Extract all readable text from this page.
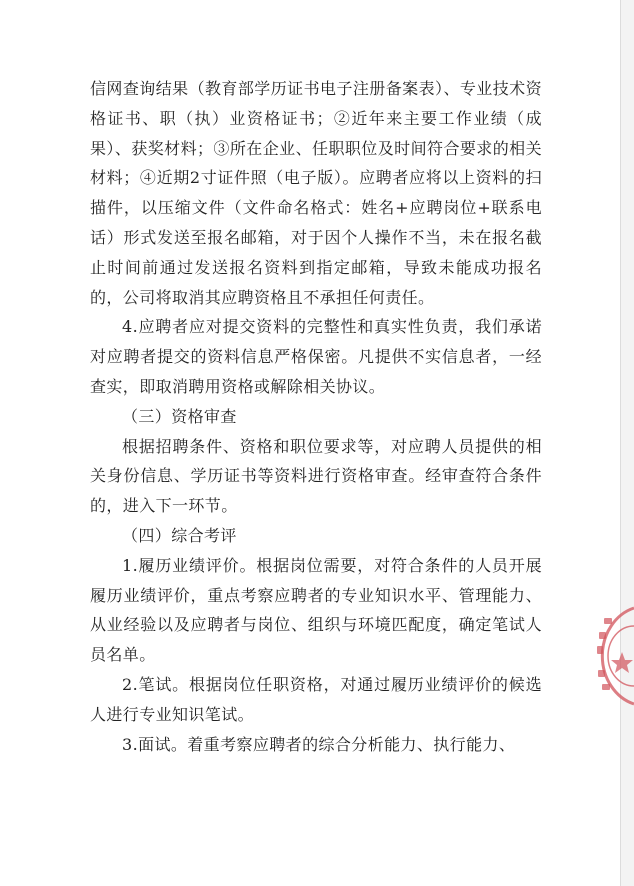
信网查询结果（教育部学历证书电子注册备案表）、专业技术资格证书、职（执）业资格证书；②近年来主要工作业绩（成果）、获奖材料；③所在企业、任职职位及时间符合要求的相关材料；④近期2寸证件照（电子版）。应聘者应将以上资料的扫描件，以压缩文件（文件命名格式：姓名+应聘岗位+联系电话）形式发送至报名邮箱，对于因个人操作不当，未在报名截止时间前通过发送报名资料到指定邮箱，导致未能成功报名的，公司将取消其应聘资格且不承担任何责任。

4.应聘者应对提交资料的完整性和真实性负责，我们承诺对应聘者提交的资料信息严格保密。凡提供不实信息者，一经查实，即取消聘用资格或解除相关协议。

（三）资格审查

根据招聘条件、资格和职位要求等，对应聘人员提供的相关身份信息、学历证书等资料进行资格审查。经审查符合条件的，进入下一环节。

（四）综合考评

1.履历业绩评价。根据岗位需要，对符合条件的人员开展履历业绩评价，重点考察应聘者的专业知识水平、管理能力、从业经验以及应聘者与岗位、组织与环境匹配度，确定笔试人员名单。

2.笔试。根据岗位任职资格，对通过履历业绩评价的候选人进行专业知识笔试。

3.面试。着重考察应聘者的综合分析能力、执行能力、
